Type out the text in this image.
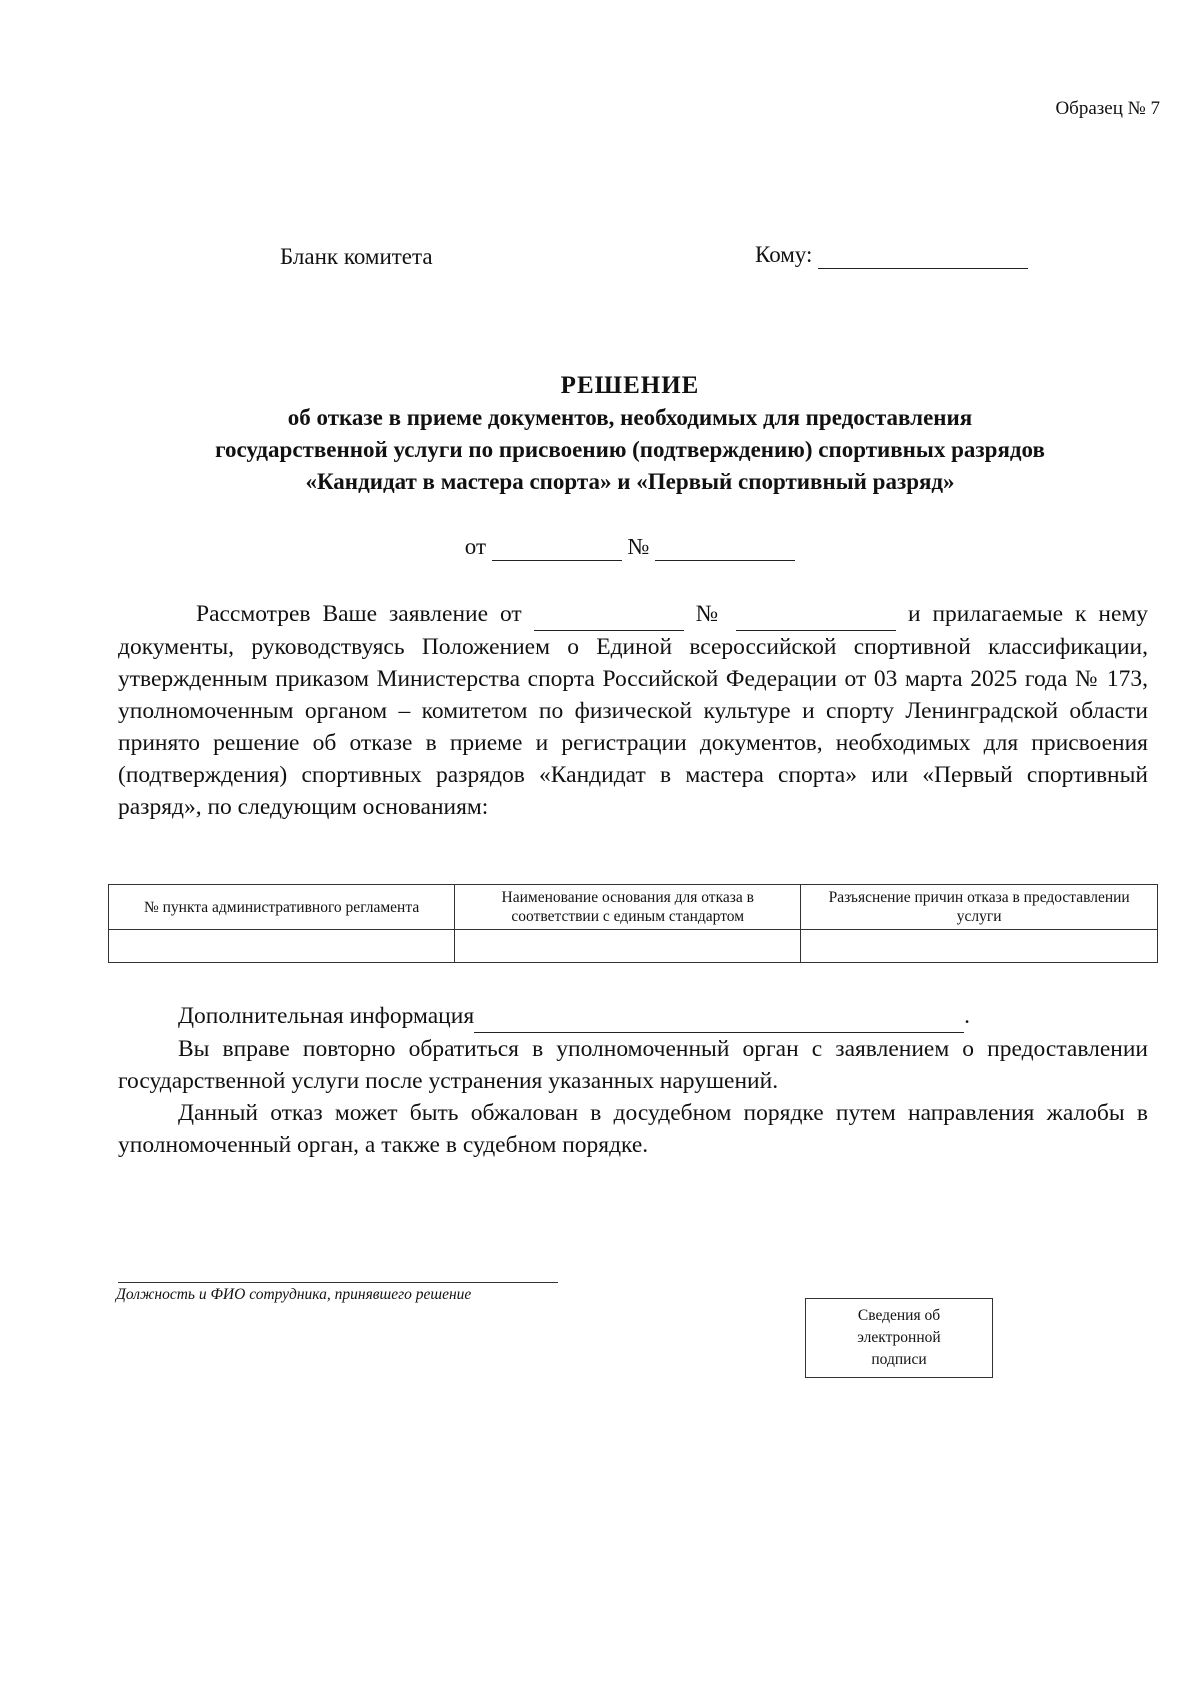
Образец № 7
Бланк комитета	Кому:
РЕШЕНИЕ
об отказе в приеме документов, необходимых для предоставления
государственной услуги по присвоению (подтверждению) спортивных разрядов
«Кандидат в мастера спорта» и «Первый спортивный разряд»
от	№
Рассмотрев Ваше заявление от	№	и прилагаемые к нему документы, руководствуясь Положением о Единой всероссийской спортивной классификации, утвержденным приказом Министерства спорта Российской Федерации от 03 марта 2025 года № 173, уполномоченным органом – комитетом по физической культуре и спорту Ленинградской области принято решение об отказе в приеме и регистрации документов, необходимых для присвоения (подтверждения) спортивных разрядов «Кандидат в мастера спорта» или «Первый спортивный разряд», по следующим основаниям:
№ пункта административного регламента	Наименование основания для отказа в соответствии с единым стандартом	Разъяснение причин отказа в предоставлении услуги

Дополнительная информация	.

Вы вправе повторно обратиться в уполномоченный орган с заявлением о предоставлении государственной услуги после устранения указанных нарушений.

Данный отказ может быть обжалован в досудебном порядке путем направления жалобы в уполномоченный орган, а также в судебном порядке.

Должность и ФИО сотрудника, принявшего решение
Сведения об
электронной
подписи
